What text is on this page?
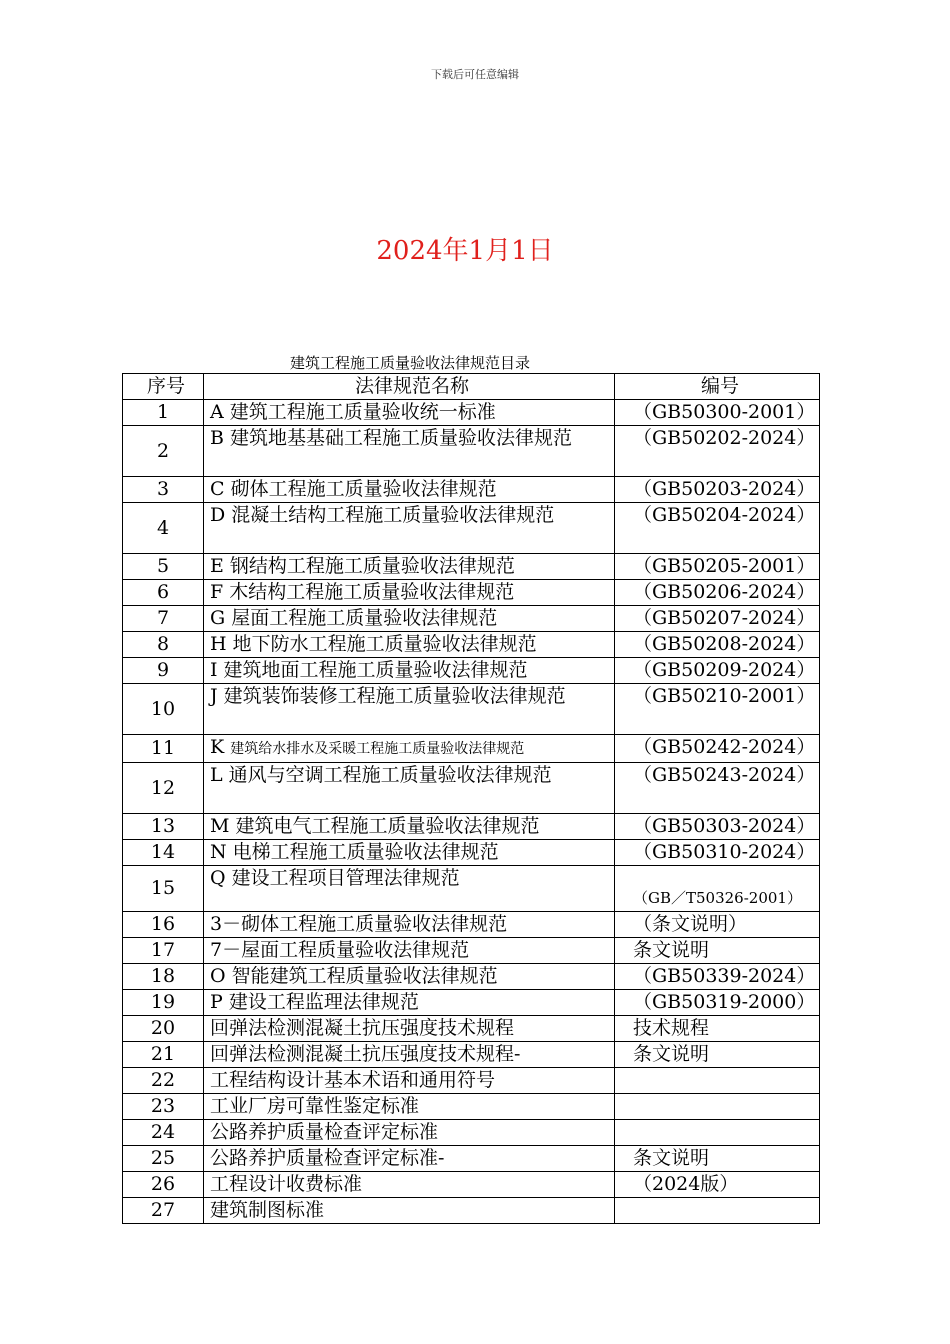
下载后可任意编辑
2024年1月1日
建筑工程施工质量验收法律规范目录
序号	法律规范名称	编号
1	A 建筑工程施工质量验收统一标准	（GB50300-2001）
2	B 建筑地基基础工程施工质量验收法律规范	（GB50202-2024）
3	C 砌体工程施工质量验收法律规范	（GB50203-2024）
4	D 混凝土结构工程施工质量验收法律规范	（GB50204-2024）
5	E 钢结构工程施工质量验收法律规范	（GB50205-2001）
6	F 木结构工程施工质量验收法律规范	（GB50206-2024）
7	G 屋面工程施工质量验收法律规范	（GB50207-2024）
8	H 地下防水工程施工质量验收法律规范	（GB50208-2024）
9	I 建筑地面工程施工质量验收法律规范	（GB50209-2024）
10	J 建筑装饰装修工程施工质量验收法律规范	（GB50210-2001）
11	K 建筑给水排水及采暖工程施工质量验收法律规范	（GB50242-2024）
12	L 通风与空调工程施工质量验收法律规范	（GB50243-2024）
13	M 建筑电气工程施工质量验收法律规范	（GB50303-2024）
14	N 电梯工程施工质量验收法律规范	（GB50310-2024）
15	Q 建设工程项目管理法律规范	（GB／T50326-2001）

16	3－砌体工程施工质量验收法律规范	（条文说明）
17	7－屋面工程质量验收法律规范	条文说明
18	O 智能建筑工程质量验收法律规范	（GB50339-2024）
19	P 建设工程监理法律规范	（GB50319-2000）
20	回弹法检测混凝土抗压强度技术规程	技术规程
21	回弹法检测混凝土抗压强度技术规程-	条文说明
22	工程结构设计基本术语和通用符号	
23	工业厂房可靠性鉴定标准	
24	公路养护质量检查评定标准	
25	公路养护质量检查评定标准-	条文说明
26	工程设计收费标准	（2024版）
27	建筑制图标准	
